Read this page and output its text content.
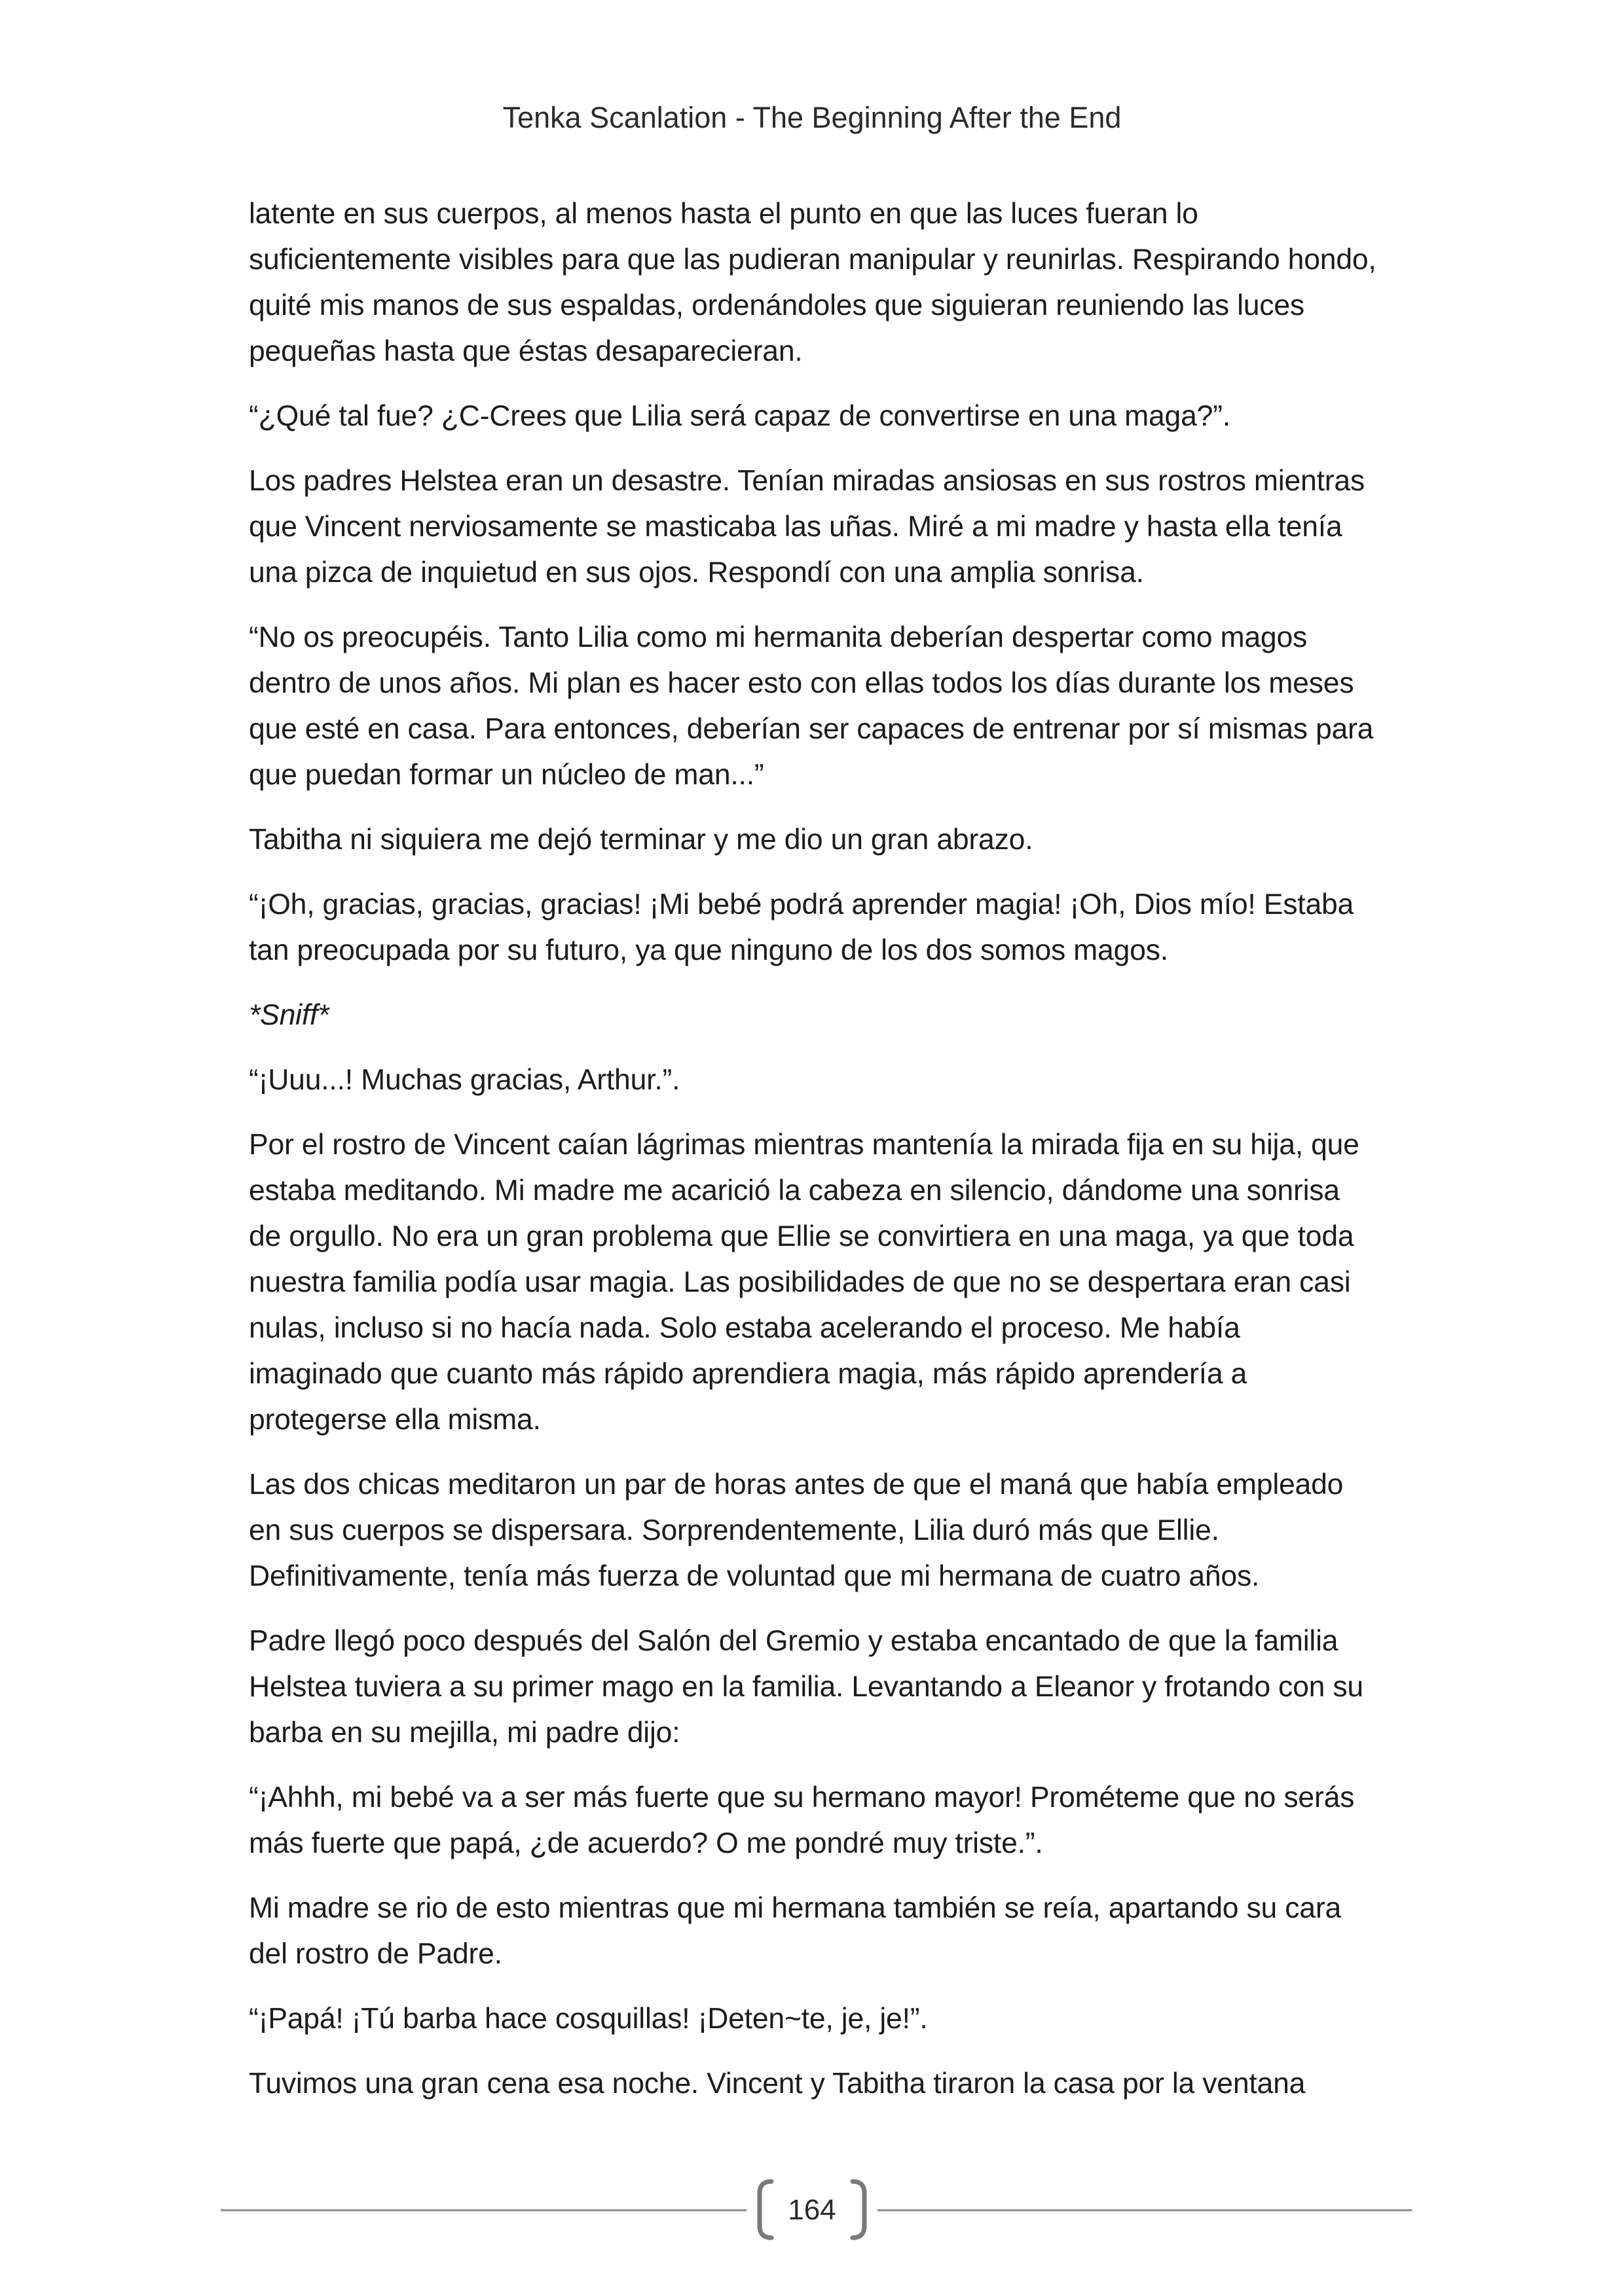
Tenka Scanlation - The Beginning After the End

latente en sus cuerpos, al menos hasta el punto en que las luces fueran lo suficientemente visibles para que las pudieran manipular y reunirlas. Respirando hondo, quité mis manos de sus espaldas, ordenándoles que siguieran reuniendo las luces pequeñas hasta que éstas desaparecieran.

“¿Qué tal fue? ¿C-Crees que Lilia será capaz de convertirse en una maga?”.

Los padres Helstea eran un desastre. Tenían miradas ansiosas en sus rostros mientras que Vincent nerviosamente se masticaba las uñas. Miré a mi madre y hasta ella tenía una pizca de inquietud en sus ojos. Respondí con una amplia sonrisa.

“No os preocupéis. Tanto Lilia como mi hermanita deberían despertar como magos dentro de unos años. Mi plan es hacer esto con ellas todos los días durante los meses que esté en casa. Para entonces, deberían ser capaces de entrenar por sí mismas para que puedan formar un núcleo de man...”

Tabitha ni siquiera me dejó terminar y me dio un gran abrazo.

“¡Oh, gracias, gracias, gracias! ¡Mi bebé podrá aprender magia! ¡Oh, Dios mío! Estaba tan preocupada por su futuro, ya que ninguno de los dos somos magos.

*Sniff*

“¡Uuu...! Muchas gracias, Arthur.”.

Por el rostro de Vincent caían lágrimas mientras mantenía la mirada fija en su hija, que estaba meditando. Mi madre me acarició la cabeza en silencio, dándome una sonrisa de orgullo. No era un gran problema que Ellie se convirtiera en una maga, ya que toda nuestra familia podía usar magia. Las posibilidades de que no se despertara eran casi nulas, incluso si no hacía nada. Solo estaba acelerando el proceso. Me había imaginado que cuanto más rápido aprendiera magia, más rápido aprendería a protegerse ella misma.

Las dos chicas meditaron un par de horas antes de que el maná que había empleado en sus cuerpos se dispersara. Sorprendentemente, Lilia duró más que Ellie. Definitivamente, tenía más fuerza de voluntad que mi hermana de cuatro años.

Padre llegó poco después del Salón del Gremio y estaba encantado de que la familia Helstea tuviera a su primer mago en la familia. Levantando a Eleanor y frotando con su barba en su mejilla, mi padre dijo:

“¡Ahhh, mi bebé va a ser más fuerte que su hermano mayor! Prométeme que no serás más fuerte que papá, ¿de acuerdo? O me pondré muy triste.”.

Mi madre se rio de esto mientras que mi hermana también se reía, apartando su cara del rostro de Padre.

“¡Papá! ¡Tú barba hace cosquillas! ¡Deten~te, je, je!”.

Tuvimos una gran cena esa noche. Vincent y Tabitha tiraron la casa por la ventana

164
